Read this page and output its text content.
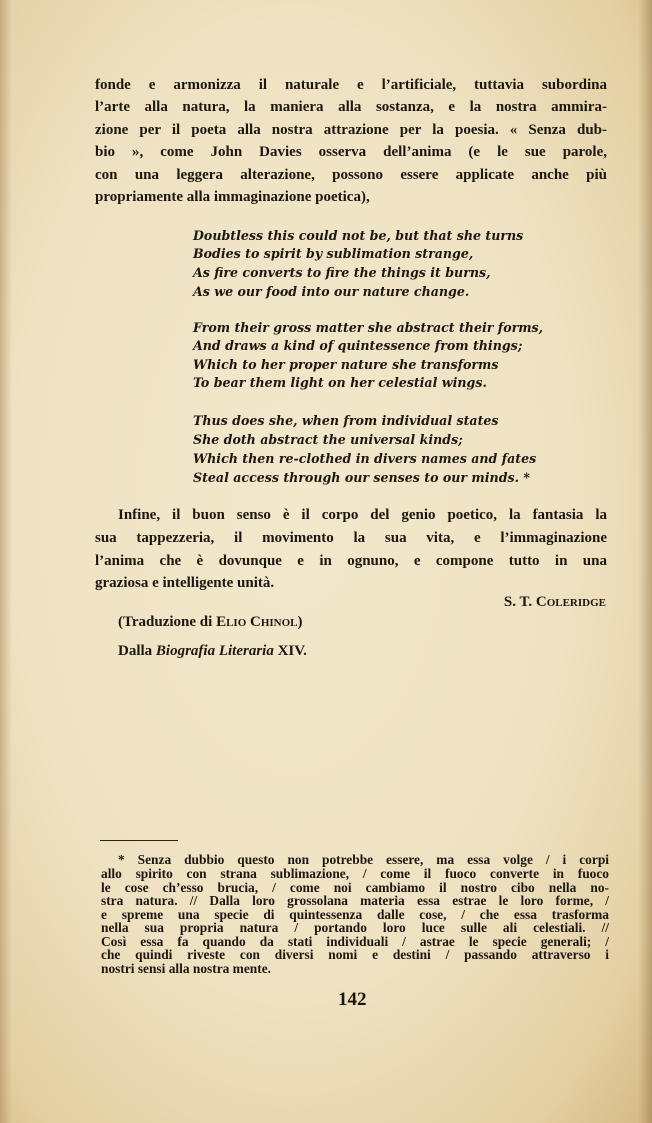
fonde e armonizza il naturale e l’artificiale, tuttavia subordina
l’arte alla natura, la maniera alla sostanza, e la nostra ammira-
zione per il poeta alla nostra attrazione per la poesia. « Senza dub-
bio », come John Davies osserva dell’anima (e le sue parole,
con una leggera alterazione, possono essere applicate anche più
propriamente alla immaginazione poetica),
Doubtless this could not be, but that she turns
Bodies to spirit by sublimation strange,
As fire converts to fire the things it burns,
As we our food into our nature change.
From their gross matter she abstract their forms,
And draws a kind of quintessence from things;
Which to her proper nature she transforms
To bear them light on her celestial wings.
Thus does she, when from individual states
She doth abstract the universal kinds;
Which then re-clothed in divers names and fates
Steal access through our senses to our minds. *
Infine, il buon senso è il corpo del genio poetico, la fantasia la
sua tappezzeria, il movimento la sua vita, e l’immaginazione
l’anima che è dovunque e in ognuno, e compone tutto in una
graziosa e intelligente unità.
S. T. Coleridge
(Traduzione di Elio Chinol)
Dalla Biografia Literaria XIV.
* Senza dubbio questo non potrebbe essere, ma essa volge / i corpi
allo spirito con strana sublimazione, / come il fuoco converte in fuoco
le cose ch’esso brucia, / come noi cambiamo il nostro cibo nella no-
stra natura. // Dalla loro grossolana materia essa estrae le loro forme, /
e spreme una specie di quintessenza dalle cose, / che essa trasforma
nella sua propria natura / portando loro luce sulle ali celestiali. //
Così essa fa quando da stati individuali / astrae le specie generali; /
che quindi riveste con diversi nomi e destini / passando attraverso i
nostri sensi alla nostra mente.
142
